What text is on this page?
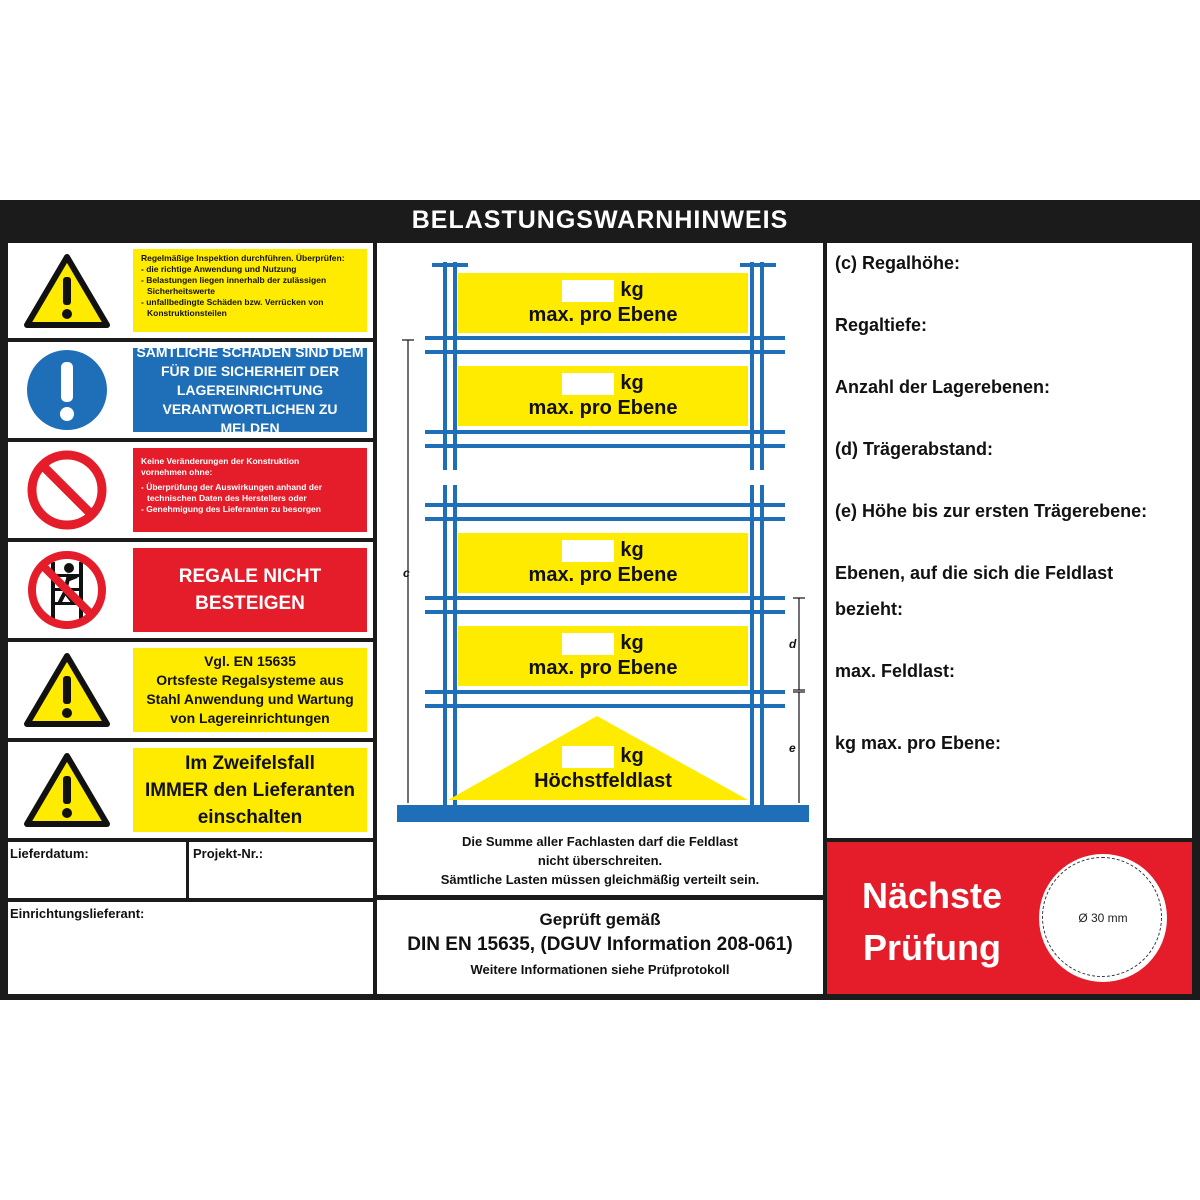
BELASTUNGSWARNHINWEIS
Regelmäßige Inspektion durchführen. Überprüfen:
- die richtige Anwendung und Nutzung
- Belastungen liegen innerhalb der zulässigen
Sicherheitswerte
- unfallbedingte Schäden bzw. Verrücken von
Konstruktionsteilen
SÄMTLICHE SCHÄDEN SIND DEM
FÜR DIE SICHERHEIT DER
LAGEREINRICHTUNG
VERANTWORTLICHEN ZU MELDEN
Keine Veränderungen der Konstruktion
vornehmen ohne:
- Überprüfung der Auswirkungen anhand der
technischen Daten des Herstellers oder
- Genehmigung des Lieferanten zu besorgen
REGALE NICHT
BESTEIGEN
Vgl. EN 15635
Ortsfeste Regalsysteme aus
Stahl Anwendung und Wartung
von Lagereinrichtungen
Im Zweifelsfall
IMMER den Lieferanten
einschalten
Lieferdatum:	Projekt-Nr.:
Einrichtungslieferant:
c
d
e
kg
max. pro Ebene
kg
max. pro Ebene
kg
max. pro Ebene
kg
max. pro Ebene
kg
Höchstfeldlast
Die Summe aller Fachlasten darf die Feldlast
nicht überschreiten.
Sämtliche Lasten müssen gleichmäßig verteilt sein.
Geprüft gemäß
DIN EN 15635, (DGUV Information 208-061)
Weitere Informationen siehe Prüfprotokoll
(c) Regalhöhe:
Regaltiefe:
Anzahl der Lagerebenen:
(d) Trägerabstand:
(e) Höhe bis zur ersten Trägerebene:
Ebenen, auf die sich die Feldlast
bezieht:
max. Feldlast:
kg max. pro Ebene:
Nächste
Prüfung
Ø 30 mm
